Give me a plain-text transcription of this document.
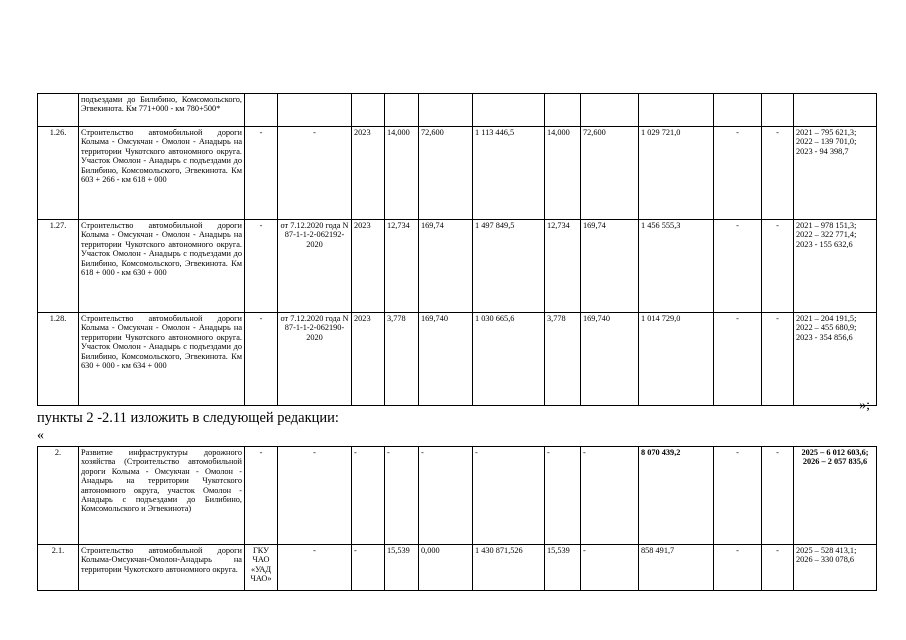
	подъездами до Билибино, Комсомольского, Эгвекинота. Км 771+000 - км 780+500*												
1.26.	Строительство автомобильной дороги Колыма - Омсукчан - Омолон - Анадырь на территории Чукотского автономного округа. Участок Омолон - Анадырь с подъездами до Билибино, Комсомольского, Эгвекинота. Км 603 + 266 - км 618 + 000	-	-	2023	14,000	72,600	1 113 446,5	14,000	72,600	1 029 721,0	-	-	2021 – 795 621,3; 2022 – 139 701,0; 2023 - 94 398,7
1.27.	Строительство автомобильной дороги Колыма - Омсукчан - Омолон - Анадырь на территории Чукотского автономного округа. Участок Омолон - Анадырь с подъездами до Билибино, Комсомольского, Эгвекинота. Км 618 + 000 - км 630 + 000	-	от 7.12.2020 года N 87-1-1-2-062192-2020	2023	12,734	169,74	1 497 849,5	12,734	169,74	1 456 555,3	-	-	2021 – 978 151,3; 2022 – 322 771,4; 2023 - 155 632,6
1.28.	Строительство автомобильной дороги Колыма - Омсукчан - Омолон - Анадырь на территории Чукотского автономного округа. Участок Омолон - Анадырь с подъездами до Билибино, Комсомольского, Эгвекинота. Км 630 + 000 - км 634 + 000	-	от 7.12.2020 года N 87-1-1-2-062190-2020	2023	3,778	169,740	1 030 665,6	3,778	169,740	1 014 729,0	-	-	2021 – 204 191,5; 2022 – 455 680,9; 2023 - 354 856,6
»;
пункты 2 -2.11 изложить в следующей редакции:
«
2.	Развитие инфраструктуры дорожного хозяйства (Строительство автомобильной дороги Колыма - Омсукчан - Омолон - Анадырь на территории Чукотского автономного округа, участок Омолон - Анадырь с подъездами до Билибино, Комсомольского и Эгвекинота)	-	-	-	-	-	-	-	-	8 070 439,2	-	-	2025 – 6 012 603,6; 2026 – 2 057 835,6
2.1.	Строительство автомобильной дороги Колыма-Омсукчан-Омолон-Анадырь на территории Чукотского автономного округа.	ГКУ ЧАО «УАД ЧАО»	-	-	15,539	0,000	1 430 871,526	15,539	-	858 491,7	-	-	2025 – 528 413,1; 2026 – 330 078,6
